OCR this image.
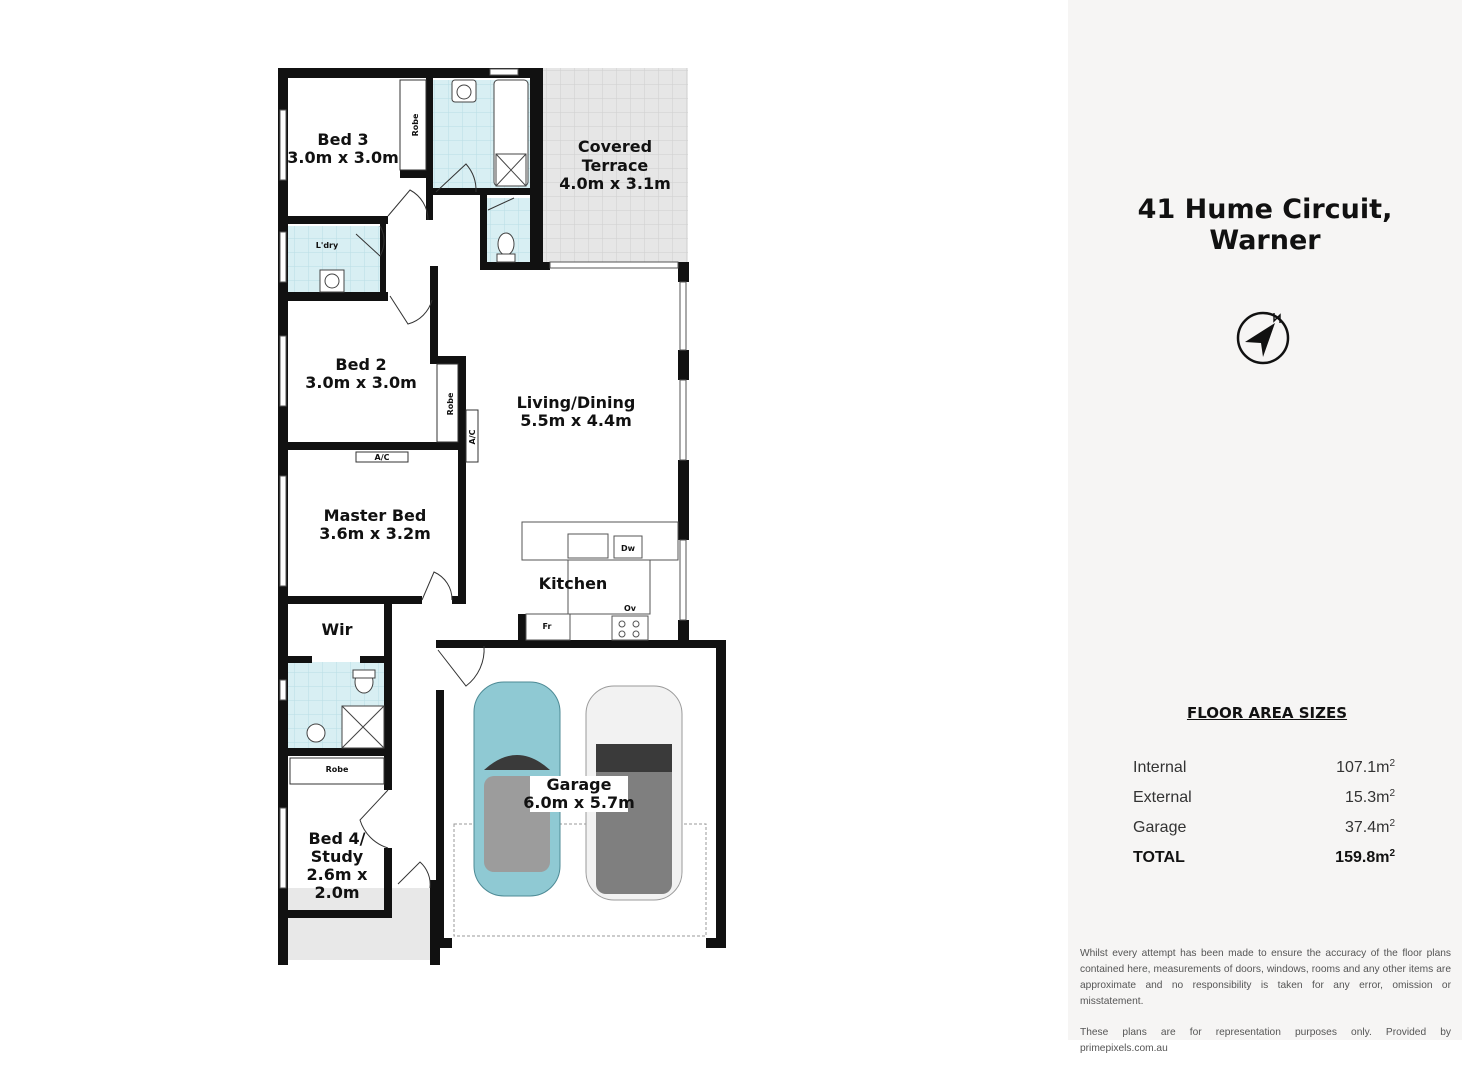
Bed 3
3.0m x 3.0m
Covered
Terrace
4.0m x 3.1m
Bed 2
3.0m x 3.0m
Living/Dining
5.5m x 4.4m
Master Bed
3.6m x 3.2m
Kitchen
Wir
Garage
6.0m x 5.7m
Bed 4/
Study
2.6m x
2.0m
Robe
Robe
Robe
L'dry
A/C
A/C
Dw
Ov
Fr
41 Hume Circuit,
Warner
FLOOR AREA SIZES
Internal	$107.1m^2$
External	$15.3m^2$
Garage	$37.4m^2$
TOTAL	$159.8m^2$

Whilst every attempt has been made to ensure the accuracy of the floor plans contained here, measurements of doors, windows, rooms and any other items are approximate and no responsibility is taken for any error, omission or misstatement.

These plans are for representation purposes only. Provided by primepixels.com.au
